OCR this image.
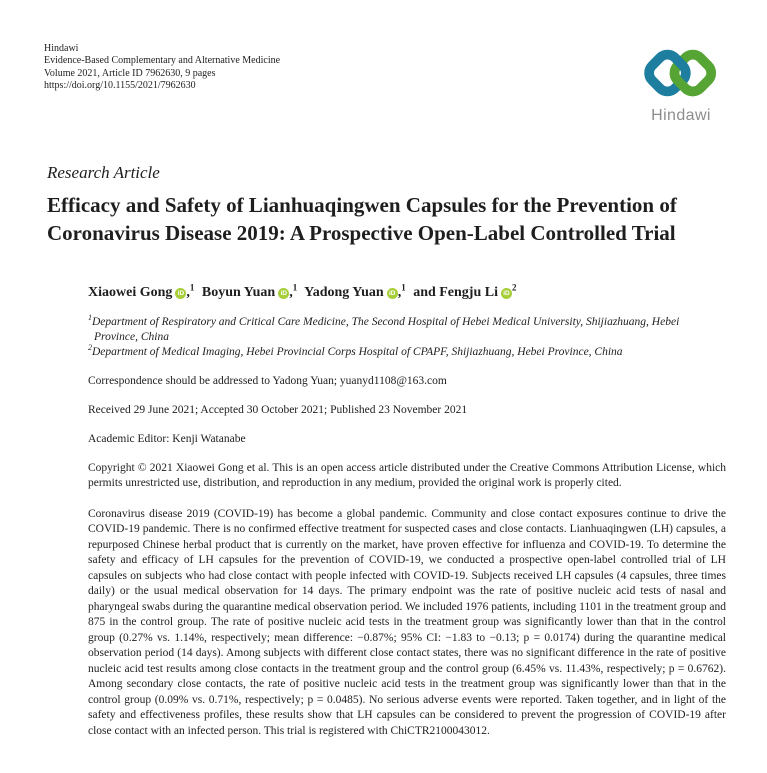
Hindawi

Evidence-Based Complementary and Alternative Medicine

Volume 2021, Article ID 7962630, 9 pages

https://doi.org/10.1155/2021/7962630

Hindawi

Research Article

Efficacy and Safety of Lianhuaqingwen Capsules for the Prevention of Coronavirus Disease 2019: A Prospective Open-Label Controlled Trial

Xiaowei Gong iD ,$^1$ Boyun Yuan iD ,$^1$ Yadong Yuan iD ,$^1$ and Fengju Li $iD^2$

$^1$Department of Respiratory and Critical Care Medicine, The Second Hospital of Hebei Medical University, Shijiazhuang, Hebei Province, China

$^2$Department of Medical Imaging, Hebei Provincial Corps Hospital of CPAPF, Shijiazhuang, Hebei Province, China

Correspondence should be addressed to Yadong Yuan; yuanyd1108@163.com

Received 29 June 2021; Accepted 30 October 2021; Published 23 November 2021

Academic Editor: Kenji Watanabe

Copyright © 2021 Xiaowei Gong et al. This is an open access article distributed under the Creative Commons Attribution License, which permits unrestricted use, distribution, and reproduction in any medium, provided the original work is properly cited.

Coronavirus disease 2019 (COVID-19) has become a global pandemic. Community and close contact exposures continue to drive the COVID-19 pandemic. There is no confirmed effective treatment for suspected cases and close contacts. Lianhuaqingwen (LH) capsules, a repurposed Chinese herbal product that is currently on the market, have proven effective for influenza and COVID-19. To determine the safety and efficacy of LH capsules for the prevention of COVID-19, we conducted a prospective open-label controlled trial of LH capsules on subjects who had close contact with people infected with COVID-19. Subjects received LH capsules (4 capsules, three times daily) or the usual medical observation for 14 days. The primary endpoint was the rate of positive nucleic acid tests of nasal and pharyngeal swabs during the quarantine medical observation period. We included 1976 patients, including 1101 in the treatment group and 875 in the control group. The rate of positive nucleic acid tests in the treatment group was significantly lower than that in the control group (0.27% vs. 1.14%, respectively; mean difference: −0.87%; 95% CI: −1.83 to −0.13; p = 0.0174) during the quarantine medical observation period (14 days). Among subjects with different close contact states, there was no significant difference in the rate of positive nucleic acid test results among close contacts in the treatment group and the control group (6.45% vs. 11.43%, respectively; p = 0.6762). Among secondary close contacts, the rate of positive nucleic acid tests in the treatment group was significantly lower than that in the control group (0.09% vs. 0.71%, respectively; p = 0.0485). No serious adverse events were reported. Taken together, and in light of the safety and effectiveness profiles, these results show that LH capsules can be considered to prevent the progression of COVID-19 after close contact with an infected person. This trial is registered with ChiCTR2100043012.
